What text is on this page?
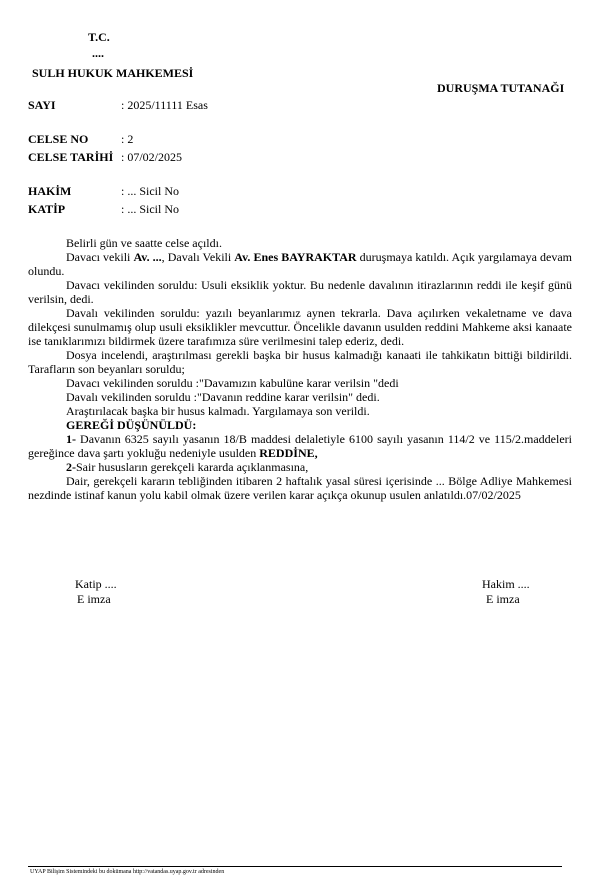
T.C.
....
SULH HUKUK MAHKEMESİ
DURUŞMA TUTANAĞI
SAYI	: 2025/11111 Esas
CELSE NO	: 2
CELSE TARİHİ : 07/02/2025
HAKİM	: ... Sicil No
KATİP	: ... Sicil No

Belirli gün ve saatte celse açıldı.

Davacı vekili Av. ..., Davalı Vekili Av. Enes BAYRAKTAR duruşmaya katıldı. Açık yargılamaya devam olundu.

Davacı vekilinden soruldu: Usuli eksiklik yoktur. Bu nedenle davalının itirazlarının reddi ile keşif günü verilsin, dedi.

Davalı vekilinden soruldu: yazılı beyanlarımız aynen tekrarla. Dava açılırken vekaletname ve dava dilekçesi sunulmamış olup usuli eksiklikler mevcuttur. Öncelikle davanın usulden reddini Mahkeme aksi kanaate ise tanıklarımızı bildirmek üzere tarafımıza süre verilmesini talep ederiz, dedi.

Dosya incelendi, araştırılması gerekli başka bir husus kalmadığı kanaati ile tahkikatın bittiği bildirildi. Tarafların son beyanları soruldu;

Davacı vekilinden soruldu :"Davamızın kabulüne karar verilsin "dedi

Davalı vekilinden soruldu :"Davanın reddine karar verilsin" dedi.

Araştırılacak başka bir husus kalmadı. Yargılamaya son verildi.

GEREĞİ DÜŞÜNÜLDÜ:

1- Davanın 6325 sayılı yasanın 18/B maddesi delaletiyle 6100 sayılı yasanın 114/2 ve 115/2.maddeleri gereğince dava şartı yokluğu nedeniyle usulden REDDİNE,

2-Sair hususların gerekçeli kararda açıklanmasına,

Dair, gerekçeli kararın tebliğinden itibaren 2 haftalık yasal süresi içerisinde ... Bölge Adliye Mahkemesi nezdinde istinaf kanun yolu kabil olmak üzere verilen karar açıkça okunup usulen anlatıldı.07/02/2025

Katip ....
E imza
Hakim ....
E imza
UYAP Bilişim Sistemindeki bu dokümana http://vatandas.uyap.gov.tr adresinden
